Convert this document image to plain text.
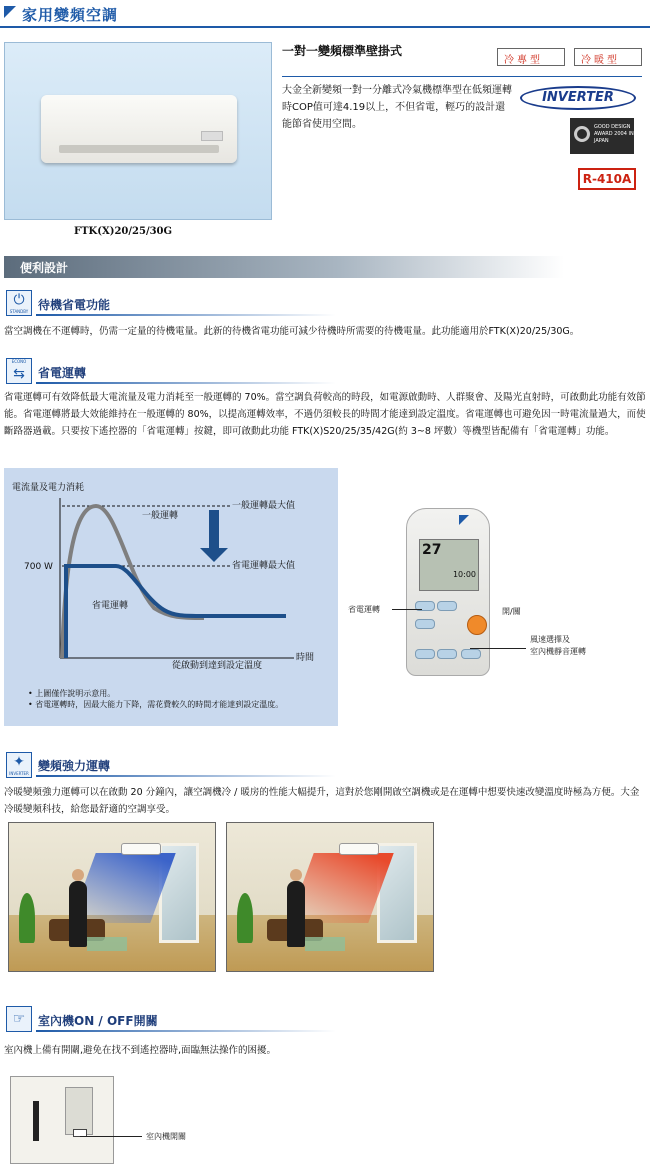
家用變頻空調
FTK(X)20/25/30G
一對一變頻標準壁掛式
冷專型	冷暖型
大金全新變頻一對一分離式冷氣機標準型在低頻運轉時COP值可達4.19以上，不但省電，輕巧的設計還能節省使用空間。
INVERTER
GOOD DESIGN AWARD 2004 IN JAPAN
R-410A
便利設計
⏻
STANDBY 待機省電功能
當空調機在不運轉時，仍需一定量的待機電量。此新的待機省電功能可減少待機時所需要的待機電量。此功能適用於FTK(X)20/25/30G。
ECONO
⇆	省電運轉
省電運轉可有效降低最大電流量及電力消耗至一般運轉的 70%。當空調負荷較高的時段，如電源啟動時、人群聚會、及陽光直射時，可啟動此功能有效節能。省電運轉將最大效能維持在一般運轉的 80%，以提高運轉效率，不過仍須較長的時間才能達到設定溫度。省電運轉也可避免因一時電流量過大，而使斷路器過載。只要按下遙控器的「省電運轉」按鍵，即可啟動此功能 FTK(X)S20/25/35/42G(約 3~8 坪數）等機型皆配備有「省電運轉」功能。
電流量及電力消耗
時間
從啟動到達到設定溫度
700 W
一般運轉
省電運轉
一般運轉最大值
省電運轉最大值
• 上圖僅作說明示意用。
• 省電運轉時，因最大能力下降，需花費較久的時間才能達到設定溫度。
27
10:00
開/關
省電運轉
風速選擇及
室內機靜音運轉
✦
INVERTER
變頻強力運轉
冷暖變頻強力運轉可以在啟動 20 分鐘內，讓空調機冷 / 暖房的性能大幅提升，這對於您剛開啟空調機或是在運轉中想要快速改變溫度時極為方便。大金冷暖變頻科技，給您最舒適的空調享受。
☞	室內機ON / OFF開關
室內機上備有開關,避免在找不到遙控器時,面臨無法操作的困擾。
室內機開關
